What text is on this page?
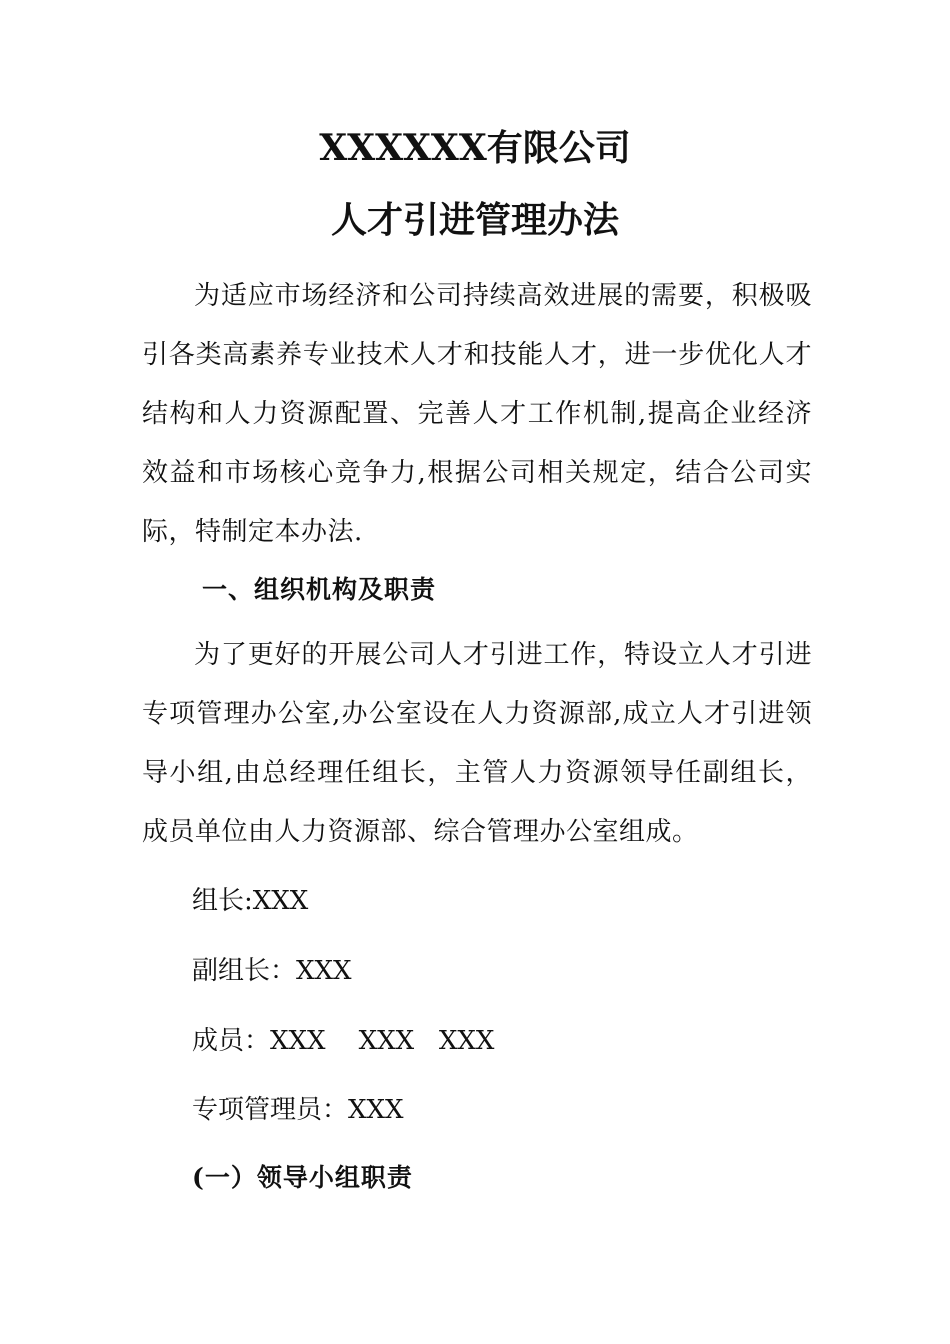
XXXXXX有限公司
人才引进管理办法

为适应市场经济和公司持续高效进展的需要，积极吸引各类高素养专业技术人才和技能人才，进一步优化人才结构和人力资源配置、完善人才工作机制,提高企业经济效益和市场核心竞争力,根据公司相关规定，结合公司实际，特制定本办法.

一、组织机构及职责

为了更好的开展公司人才引进工作，特设立人才引进专项管理办公室,办公室设在人力资源部,成立人才引进领导小组,由总经理任组长，主管人力资源领导任副组长，成员单位由人力资源部、综合管理办公室组成。

组长:XXX

副组长：XXX

成员：XXX    XXX   XXX

专项管理员：XXX

(一）领导小组职责
